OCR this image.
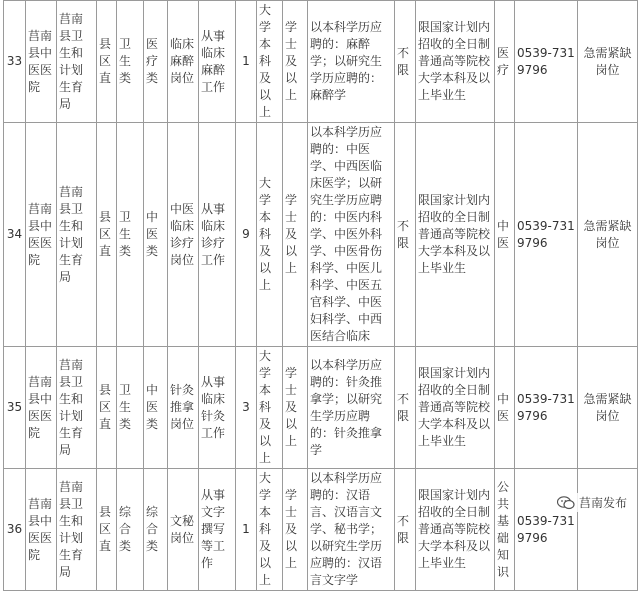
33	莒南县中医医院	莒南县卫生和计划生育局	县区直	卫生类	医疗类	临床麻醉岗位	从事临床麻醉工作	1	大学本科及以上	学士及以上	以本科学历应聘的：麻醉学；以研究生学历应聘的：麻醉学	不限	限国家计划内招收的全日制普通高等院校大学本科及以上毕业生	医疗	0539-7319796	急需紧缺岗位
34	莒南县中医医院	莒南县卫生和计划生育局	县区直	卫生类	中医类	中医临床诊疗岗位	从事临床诊疗工作	9	大学本科及以上	学士及以上	以本科学历应聘的：中医学、中西医临床医学；以研究生学历应聘的：中医内科学、中医外科学、中医骨伤科学、中医儿科学、中医五官科学、中医妇科学、中西医结合临床	不限	限国家计划内招收的全日制普通高等院校大学本科及以上毕业生	中医	0539-7319796	急需紧缺岗位
35	莒南县中医医院	莒南县卫生和计划生育局	县区直	卫生类	中医类	针灸推拿岗位	从事临床针灸工作	3	大学本科及以上	学士及以上	以本科学历应聘的：针灸推拿学；以研究生学历应聘的：针灸推拿学	不限	限国家计划内招收的全日制普通高等院校大学本科及以上毕业生	中医	0539-7319796	急需紧缺岗位
36	莒南县中医医院	莒南县卫生和计划生育局	县区直	综合类	综合类	文秘岗位	从事文字撰写等工作	1	大学本科及以上	学士及以上	以本科学历应聘的：汉语言、汉语言文学、秘书学；以研究生学历应聘的：汉语言文字学	不限	限国家计划内招收的全日制普通高等院校大学本科及以上毕业生	公共基础知识	0539-7319796	
莒南发布
